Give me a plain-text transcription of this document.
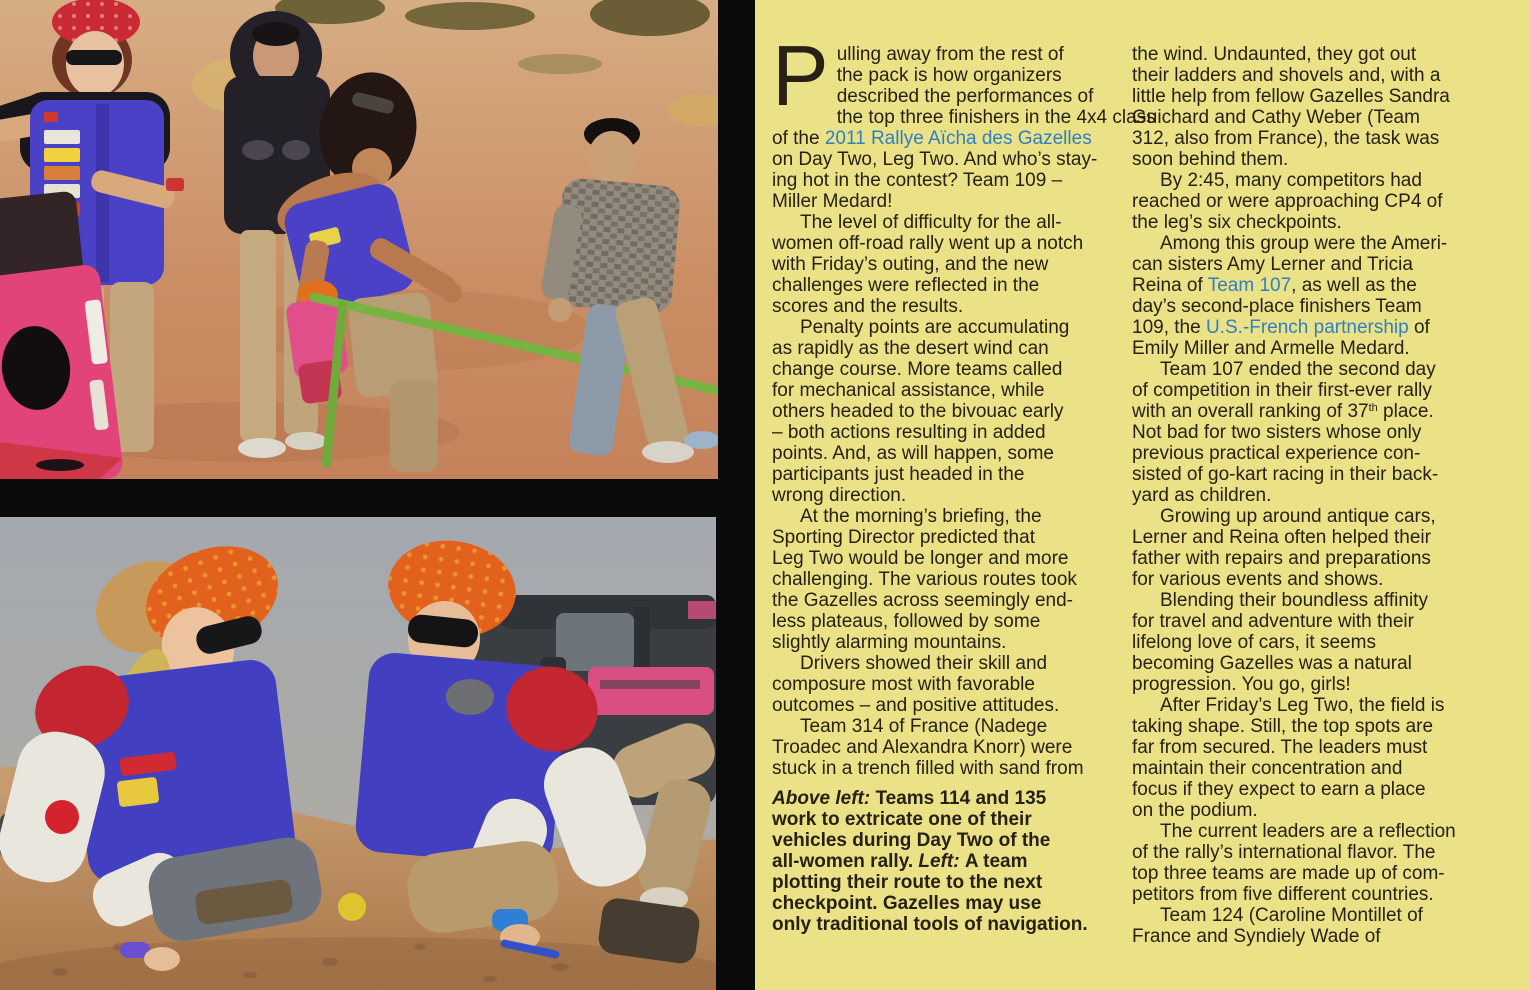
Pulling away from the rest of
the pack is how organizers
described the performances of
the top three finishers in the 4x4 class
of the 2011 Rallye Aïcha des Gazelles
on Day Two, Leg Two. And who’s stay-
ing hot in the contest? Team 109 –
Miller Medard!

The level of difficulty for the all-
women off-road rally went up a notch
with Friday’s outing, and the new
challenges were reflected in the
scores and the results.

Penalty points are accumulating
as rapidly as the desert wind can
change course. More teams called
for mechanical assistance, while
others headed to the bivouac early
– both actions resulting in added
points. And, as will happen, some
participants just headed in the
wrong direction.

At the morning’s briefing, the
Sporting Director predicted that
Leg Two would be longer and more
challenging. The various routes took
the Gazelles across seemingly end-
less plateaus, followed by some
slightly alarming mountains.

Drivers showed their skill and
composure most with favorable
outcomes – and positive attitudes.

Team 314 of France (Nadege
Troadec and Alexandra Knorr) were
stuck in a trench filled with sand from

Above left: Teams 114 and 135
work to extricate one of their
vehicles during Day Two of the
all-women rally. Left: A team
plotting their route to the next
checkpoint. Gazelles may use
only traditional tools of navigation.

the wind. Undaunted, they got out
their ladders and shovels and, with a
little help from fellow Gazelles Sandra
Guichard and Cathy Weber (Team
312, also from France), the task was
soon behind them.

By 2:45, many competitors had
reached or were approaching CP4 of
the leg’s six checkpoints.

Among this group were the Ameri-
can sisters Amy Lerner and Tricia
Reina of Team 107, as well as the
day’s second-place finishers Team
109, the U.S.-French partnership of
Emily Miller and Armelle Medard.

Team 107 ended the second day
of competition in their first-ever rally
with an overall ranking of 37th place.
Not bad for two sisters whose only
previous practical experience con-
sisted of go-kart racing in their back-
yard as children.

Growing up around antique cars,
Lerner and Reina often helped their
father with repairs and preparations
for various events and shows.

Blending their boundless affinity
for travel and adventure with their
lifelong love of cars, it seems
becoming Gazelles was a natural
progression. You go, girls!

After Friday’s Leg Two, the field is
taking shape. Still, the top spots are
far from secured. The leaders must
maintain their concentration and
focus if they expect to earn a place
on the podium.

The current leaders are a reflection
of the rally’s international flavor. The
top three teams are made up of com-
petitors from five different countries.

Team 124 (Caroline Montillet of
France and Syndiely Wade of
